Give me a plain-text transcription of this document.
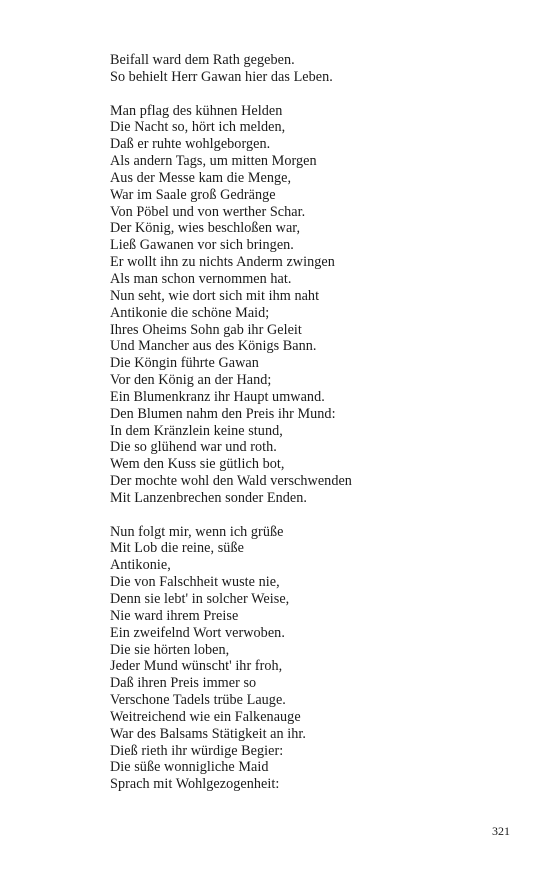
Beifall ward dem Rath gegeben.
So behielt Herr Gawan hier das Leben.
Man pflag des kühnen Helden
Die Nacht so, hört ich melden,
Daß er ruhte wohlgeborgen.
Als andern Tags, um mitten Morgen
Aus der Messe kam die Menge,
War im Saale groß Gedränge
Von Pöbel und von werther Schar.
Der König, wies beschloßen war,
Ließ Gawanen vor sich bringen.
Er wollt ihn zu nichts Anderm zwingen
Als man schon vernommen hat.
Nun seht, wie dort sich mit ihm naht
Antikonie die schöne Maid;
Ihres Oheims Sohn gab ihr Geleit
Und Mancher aus des Königs Bann.
Die Köngin führte Gawan
Vor den König an der Hand;
Ein Blumenkranz ihr Haupt umwand.
Den Blumen nahm den Preis ihr Mund:
In dem Kränzlein keine stund,
Die so glühend war und roth.
Wem den Kuss sie gütlich bot,
Der mochte wohl den Wald verschwenden
Mit Lanzenbrechen sonder Enden.
Nun folgt mir, wenn ich grüße
Mit Lob die reine, süße
Antikonie,
Die von Falschheit wuste nie,
Denn sie lebt' in solcher Weise,
Nie ward ihrem Preise
Ein zweifelnd Wort verwoben.
Die sie hörten loben,
Jeder Mund wünscht' ihr froh,
Daß ihren Preis immer so
Verschone Tadels trübe Lauge.
Weitreichend wie ein Falkenauge
War des Balsams Stätigkeit an ihr.
Dieß rieth ihr würdige Begier:
Die süße wonnigliche Maid
Sprach mit Wohlgezogenheit:
321
